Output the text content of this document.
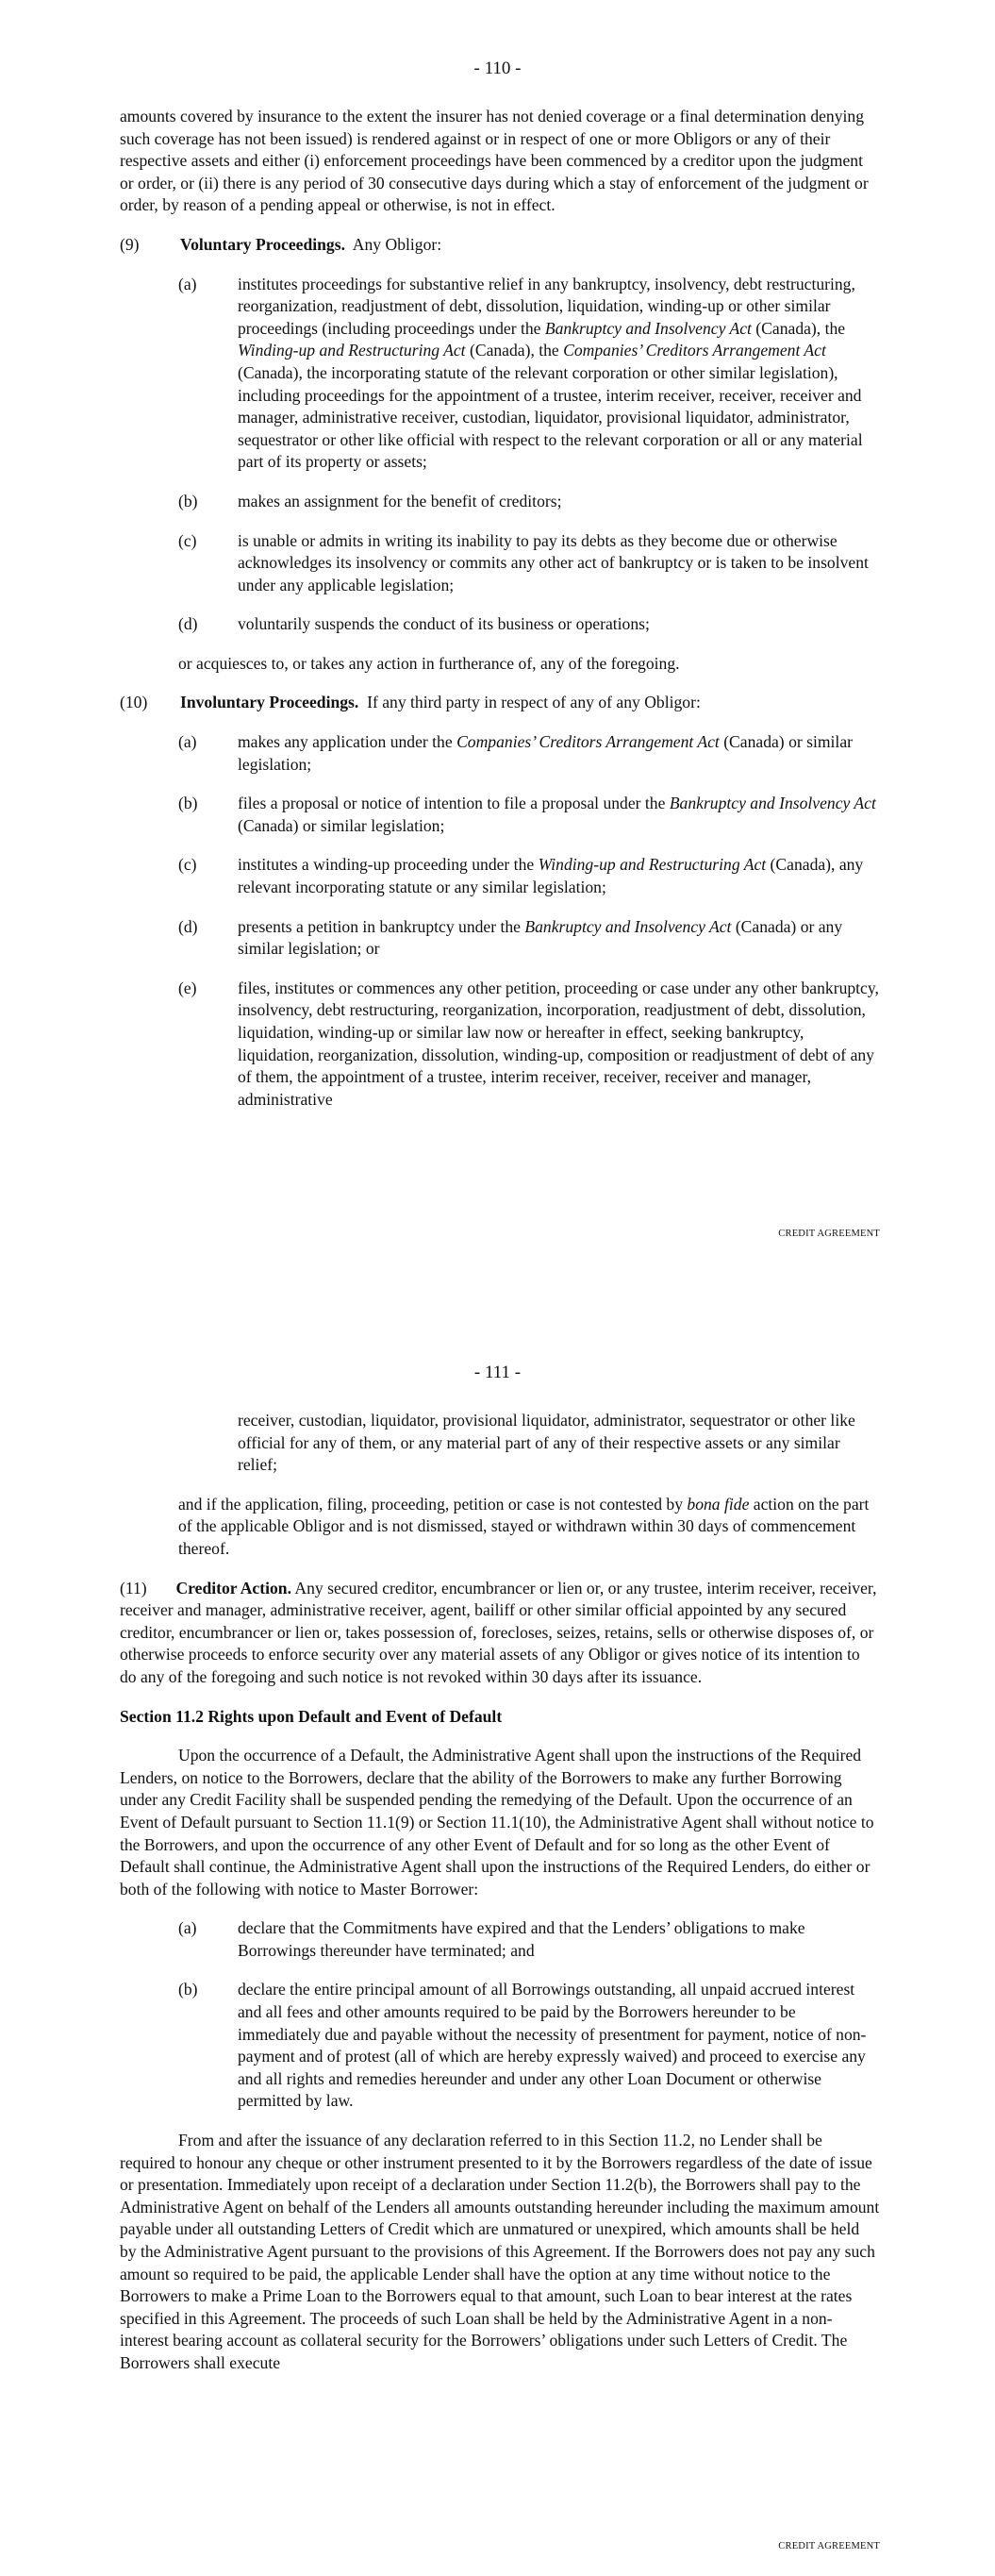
- 110 -

amounts covered by insurance to the extent the insurer has not denied coverage or a final determination denying such coverage has not been issued) is rendered against or in respect of one or more Obligors or any of their respective assets and either (i) enforcement proceedings have been commenced by a creditor upon the judgment or order, or (ii) there is any period of 30 consecutive days during which a stay of enforcement of the judgment or order, by reason of a pending appeal or otherwise, is not in effect.

(9) Voluntary Proceedings. Any Obligor:
(a) institutes proceedings for substantive relief in any bankruptcy, insolvency, debt restructuring, reorganization, readjustment of debt, dissolution, liquidation, winding-up or other similar proceedings (including proceedings under the Bankruptcy and Insolvency Act (Canada), the Winding-up and Restructuring Act (Canada), the Companies’ Creditors Arrangement Act (Canada), the incorporating statute of the relevant corporation or other similar legislation), including proceedings for the appointment of a trustee, interim receiver, receiver, receiver and manager, administrative receiver, custodian, liquidator, provisional liquidator, administrator, sequestrator or other like official with respect to the relevant corporation or all or any material part of its property or assets;
(b) makes an assignment for the benefit of creditors;
(c) is unable or admits in writing its inability to pay its debts as they become due or otherwise acknowledges its insolvency or commits any other act of bankruptcy or is taken to be insolvent under any applicable legislation;
(d) voluntarily suspends the conduct of its business or operations;

or acquiesces to, or takes any action in furtherance of, any of the foregoing.

(10) Involuntary Proceedings. If any third party in respect of any of any Obligor:
(a) makes any application under the Companies’ Creditors Arrangement Act (Canada) or similar legislation;
(b) files a proposal or notice of intention to file a proposal under the Bankruptcy and Insolvency Act (Canada) or similar legislation;
(c) institutes a winding-up proceeding under the Winding-up and Restructuring Act (Canada), any relevant incorporating statute or any similar legislation;
(d) presents a petition in bankruptcy under the Bankruptcy and Insolvency Act (Canada) or any similar legislation; or
(e) files, institutes or commences any other petition, proceeding or case under any other bankruptcy, insolvency, debt restructuring, reorganization, incorporation, readjustment of debt, dissolution, liquidation, winding-up or similar law now or hereafter in effect, seeking bankruptcy, liquidation, reorganization, dissolution, winding-up, composition or readjustment of debt of any of them, the appointment of a trustee, interim receiver, receiver, receiver and manager, administrative
CREDIT AGREEMENT
- 111 -

receiver, custodian, liquidator, provisional liquidator, administrator, sequestrator or other like official for any of them, or any material part of any of their respective assets or any similar relief;

and if the application, filing, proceeding, petition or case is not contested by bona fide action on the part of the applicable Obligor and is not dismissed, stayed or withdrawn within 30 days of commencement thereof.

(11) Creditor Action. Any secured creditor, encumbrancer or lien or, or any trustee, interim receiver, receiver, receiver and manager, administrative receiver, agent, bailiff or other similar official appointed by any secured creditor, encumbrancer or lien or, takes possession of, forecloses, seizes, retains, sells or otherwise disposes of, or otherwise proceeds to enforce security over any material assets of any Obligor or gives notice of its intention to do any of the foregoing and such notice is not revoked within 30 days after its issuance.

Section 11.2 Rights upon Default and Event of Default

Upon the occurrence of a Default, the Administrative Agent shall upon the instructions of the Required Lenders, on notice to the Borrowers, declare that the ability of the Borrowers to make any further Borrowing under any Credit Facility shall be suspended pending the remedying of the Default. Upon the occurrence of an Event of Default pursuant to Section 11.1(9) or Section 11.1(10), the Administrative Agent shall without notice to the Borrowers, and upon the occurrence of any other Event of Default and for so long as the other Event of Default shall continue, the Administrative Agent shall upon the instructions of the Required Lenders, do either or both of the following with notice to Master Borrower:

(a) declare that the Commitments have expired and that the Lenders’ obligations to make Borrowings thereunder have terminated; and
(b) declare the entire principal amount of all Borrowings outstanding, all unpaid accrued interest and all fees and other amounts required to be paid by the Borrowers hereunder to be immediately due and payable without the necessity of presentment for payment, notice of non-payment and of protest (all of which are hereby expressly waived) and proceed to exercise any and all rights and remedies hereunder and under any other Loan Document or otherwise permitted by law.

From and after the issuance of any declaration referred to in this Section 11.2, no Lender shall be required to honour any cheque or other instrument presented to it by the Borrowers regardless of the date of issue or presentation. Immediately upon receipt of a declaration under Section 11.2(b), the Borrowers shall pay to the Administrative Agent on behalf of the Lenders all amounts outstanding hereunder including the maximum amount payable under all outstanding Letters of Credit which are unmatured or unexpired, which amounts shall be held by the Administrative Agent pursuant to the provisions of this Agreement. If the Borrowers does not pay any such amount so required to be paid, the applicable Lender shall have the option at any time without notice to the Borrowers to make a Prime Loan to the Borrowers equal to that amount, such Loan to bear interest at the rates specified in this Agreement. The proceeds of such Loan shall be held by the Administrative Agent in a non-interest bearing account as collateral security for the Borrowers’ obligations under such Letters of Credit. The Borrowers shall execute

CREDIT AGREEMENT
